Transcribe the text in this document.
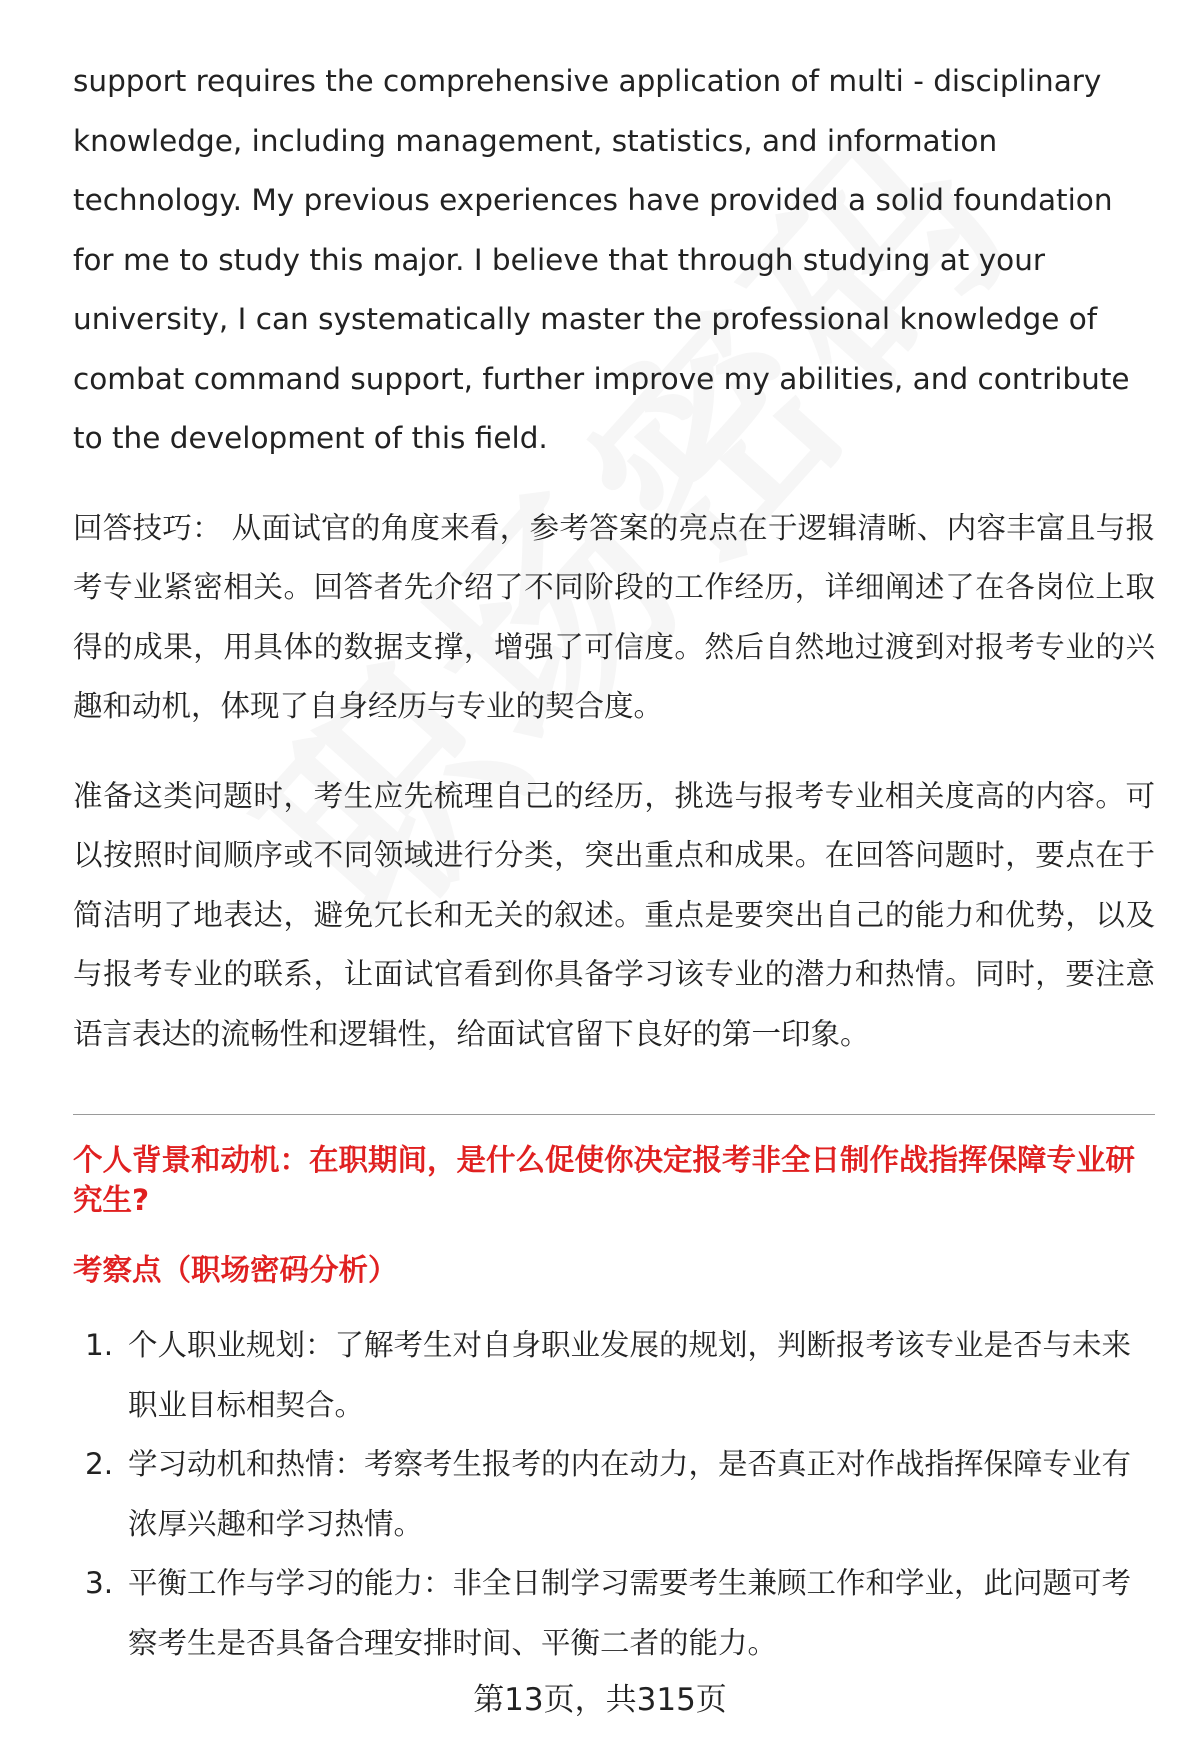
support requires the comprehensive application of multi - disciplinary knowledge, including management, statistics, and information technology. My previous experiences have provided a solid foundation for me to study this major. I believe that through studying at your university, I can systematically master the professional knowledge of combat command support, further improve my abilities, and contribute to the development of this field.

回答技巧： 从面试官的角度来看，参考答案的亮点在于逻辑清晰、内容丰富且与报考专业紧密相关。回答者先介绍了不同阶段的工作经历，详细阐述了在各岗位上取得的成果，用具体的数据支撑，增强了可信度。然后自然地过渡到对报考专业的兴趣和动机，体现了自身经历与专业的契合度。

准备这类问题时，考生应先梳理自己的经历，挑选与报考专业相关度高的内容。可以按照时间顺序或不同领域进行分类，突出重点和成果。在回答问题时，要点在于简洁明了地表达，避免冗长和无关的叙述。重点是要突出自己的能力和优势，以及与报考专业的联系，让面试官看到你具备学习该专业的潜力和热情。同时，要注意语言表达的流畅性和逻辑性，给面试官留下良好的第一印象。

个人背景和动机：在职期间，是什么促使你决定报考非全日制作战指挥保障专业研究生?
考察点（职场密码分析）
1. 个人职业规划：了解考生对自身职业发展的规划，判断报考该专业是否与未来职业目标相契合。
2. 学习动机和热情：考察考生报考的内在动力，是否真正对作战指挥保障专业有浓厚兴趣和学习热情。
3. 平衡工作与学习的能力：非全日制学习需要考生兼顾工作和学业，此问题可考察考生是否具备合理安排时间、平衡二者的能力。
第13页，共315页
